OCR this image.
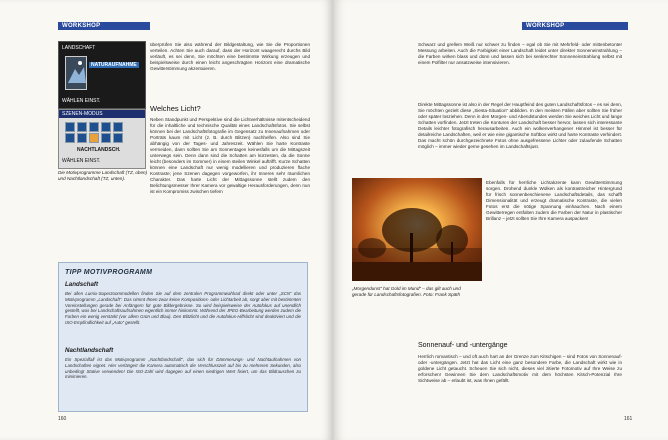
WORKSHOP
LANDSCHAFT
NATURAUFNAHME
WÄHLEN EINST.
SZENEN-MODUS
NACHTLANDSCH.
WÄHLEN EINST.
Die Motivprogramme Landschaft (TZ, oben) und Nachtlandschaft (TZ, unten).
überprüfen Sie also während der Bildgestaltung, wie Sie die Proportionen verteilen. Achten Sie auch darauf, dass der Horizont waagerecht durchs Bild verläuft, es sei denn, Sie möchten eine bestimmte Wirkung erzeugen und beispielsweise durch einen leicht angeschrägten Horizont eine dramatische Gewitterstimmung akzentuieren.
Welches Licht?
Neben Standpunkt und Perspektive sind die Lichtverhältnisse mitentscheidend für die inhaltliche und technische Qualität eines Landschaftsfotos. Sie selbst können bei der Landschaftsfotografie im Gegensatz zu Innenaufnahmen oder Porträts kaum mit Licht (z. B. durch Blitzen) nachhelfen. Also sind Sie abhängig von der Tages- und Jahreszeit. Wählen Sie harte Kontraste vermeiden, dann sollten Sie am Sonnentagen keinesfalls um die Mittagszeit unterwegs sein. Denn dann sind die Schatten am kürzesten, da die Sonne leicht (besonders im Sommer) in einem steilen Winkel auftrifft. Kurze Schatten können eine Landschaft nur wenig modellieren und produzieren flache Kontraste; jene Szenen dagegen vorgeworfen, ihr Inneres sehr räumlichen Charakter. Das harte Licht der Mittagssonne stellt zudem den Belichtungsmesser Ihrer Kamera vor gewaltige Herausforderungen, denn nun ist ein Kompromiss zwischen tiefem
TIPP MOTIVPROGRAMM
Landschaft
Bei allen Lumix-Superzoommodellen finden Sie auf dem zentralen Programmwahlrad direkt oder unter „SCN“ das Motivprogramm „Landschaft“. Das nimmt Ihnen zwar keine Kompositions- oder Lichtarbeit ab, sorgt aber mit bestimmten Voreinstellungen gerade bei Anfängern für gute Bildergebnisse. So wird beispielsweise der Autofokus auf unendlich gestellt, was bei Landschaftsaufnahmen eigentlich immer hinkommt. Während der JPEG-Bearbeitung werden zudem die Farben ein wenig verstärkt (vor allem Grün und Blau). Den Blitzlicht und die Autofokus-Hilfslicht sind deaktiviert und die ISO-Empfindlichkeit auf „Auto“ gestellt.
Nachtlandschaft
Ein Spezialfall ist das Motivprogramm „Nachtlandschaft“, das sich für Dämmerungs- und Nachtaufnahmen von Landschaften eignet. Hier verlängert die Kamera automatisch die Verschlusszeit auf bis zu mehreren Sekunden, also unbedingt Stative verwenden! Die ISO-Zahl wird dagegen auf einen niedrigen Wert fixiert, um das Bildrauschen zu minimieren.
160
WORKSHOP
Schwarz und grellem Weiß nur schwer zu finden – egal ob Sie mit Mehrfeld- oder mittenbetonter Messung arbeiten. Auch die Farbigkeit einer Landschaft leidet unter direkter Sonneneinstrahlung – die Farben wirken blass und dünn und lassen sich bei senkrechter Sonneneinstrahlung selbst mit einem Polfilter nur ansatzweise intensivieren.
Direkte Mittagssonne ist also in der Regel der Hauptfeind des guten Landschaftsfotos – es sei denn, Sie möchten gezielt diese „Siesta-Situation“ abbilden. In den meisten Fällen aber sollten Sie früher oder später losziehen. Denn in den Morgen- und Abendstunden werden Sie weiches Licht und lange Schatten vorfinden. Jetzt treten die Konturen der Landschaft besser hervor, lassen sich interessante Details leichter fotografisch herausarbeiten. Auch ein wolkenverhangener Himmel ist besser für detailreiche Landschaften, weil er wie eine gigantische Softbox wirkt und harte Kontraste verhindert. Das macht schön durchgezeichnete Fotos ohne ausgefressene Lichter oder zulaufende Schatten möglich – immer wieder gerne gesehen im Landschaftsjust.
Ebenfalls für herrliche Lichtakzente kann Gewitterstimmung sorgen. Drohend dunkle Wolken als kontrastreicher Hintergrund für frisch sonnenbeschienene Landschaftsdetails, das schafft Dimensionalität und erzeugt dramatische Kontraste, die vielen Fotos erst die nötige Spannung einhauchen. Nach einem Gewitterregen entfalten zudem die Farben der Natur in plastischer Brillanz – jetzt sollten Sie Ihre Kamera auspacken!
„Morgendunst“ hat Gold im Mund“ – das gilt auch und gerade für Landschaftsfotografien. Foto: Frank Späth
Sonnenauf- und -untergänge
Herrlich romantisch – und oft auch hart an der Grenze zum Kitschigen – sind Fotos von Sonnenauf- oder -untergängen. Jetzt hat das Licht eine ganz besondere Farbe, die Landschaft wirkt wie in goldene Licht getaucht. Scheuen Sie sich nicht, dieses viel zitierte Fotomotiv auf Ihre Weise zu erforschen! Gewinnen Sie dem Landschaftsmotiv mit dem höchsten Kitsch-Potenzial Ihre Sichtweise ab – erlaubt ist, was Ihnen gefällt.
161
